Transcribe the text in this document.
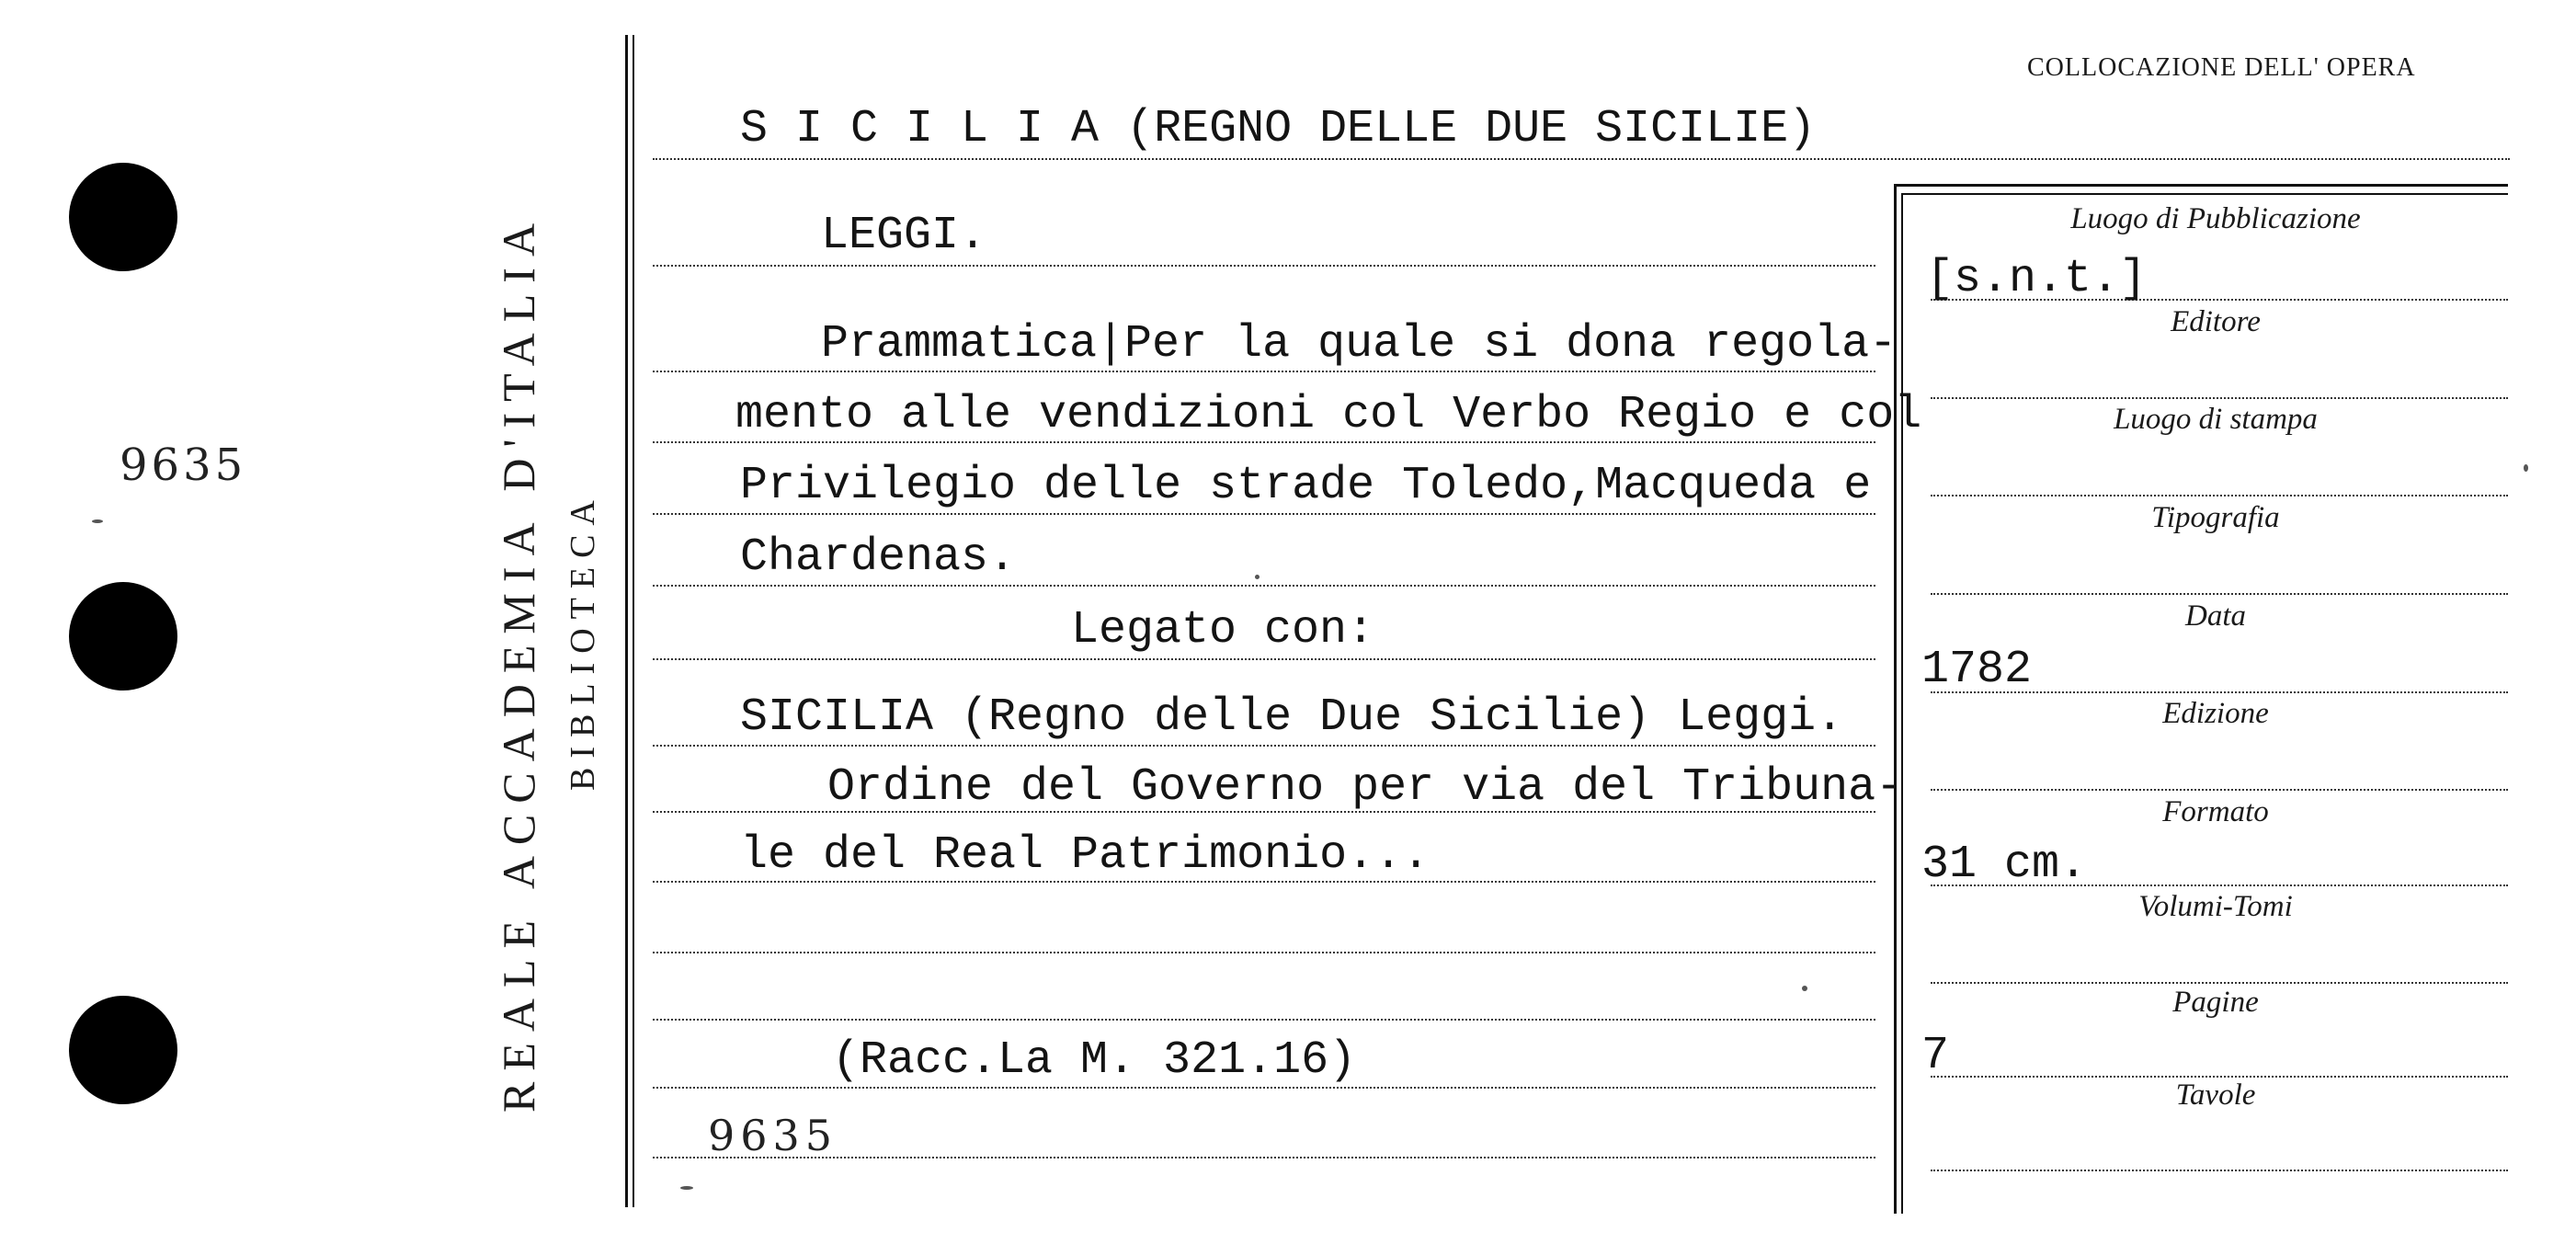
9635	REALE ACCADEMIA D'ITALIA BIBLIOTECA
COLLOCAZIONE DELL' OPERA
S I C I L I A (REGNO DELLE DUE SICILIE)
LEGGI.
Prammatica|Per la quale si dona regola-
mento alle vendizioni col Verbo Regio e col
Privilegio delle strade Toledo,Macqueda e
Chardenas.
Legato con:
SICILIA (Regno delle Due Sicilie) Leggi.
Ordine del Governo per via del Tribuna-
le del Real Patrimonio...
(Racc.La M. 321.16)
9635
Luogo di Pubblicazione
Editore
Luogo di stampa
Tipografia
Data
Edizione
Formato
Volumi-Tomi
Pagine
Tavole
[s.n.t.]
1782
31 cm.
7
